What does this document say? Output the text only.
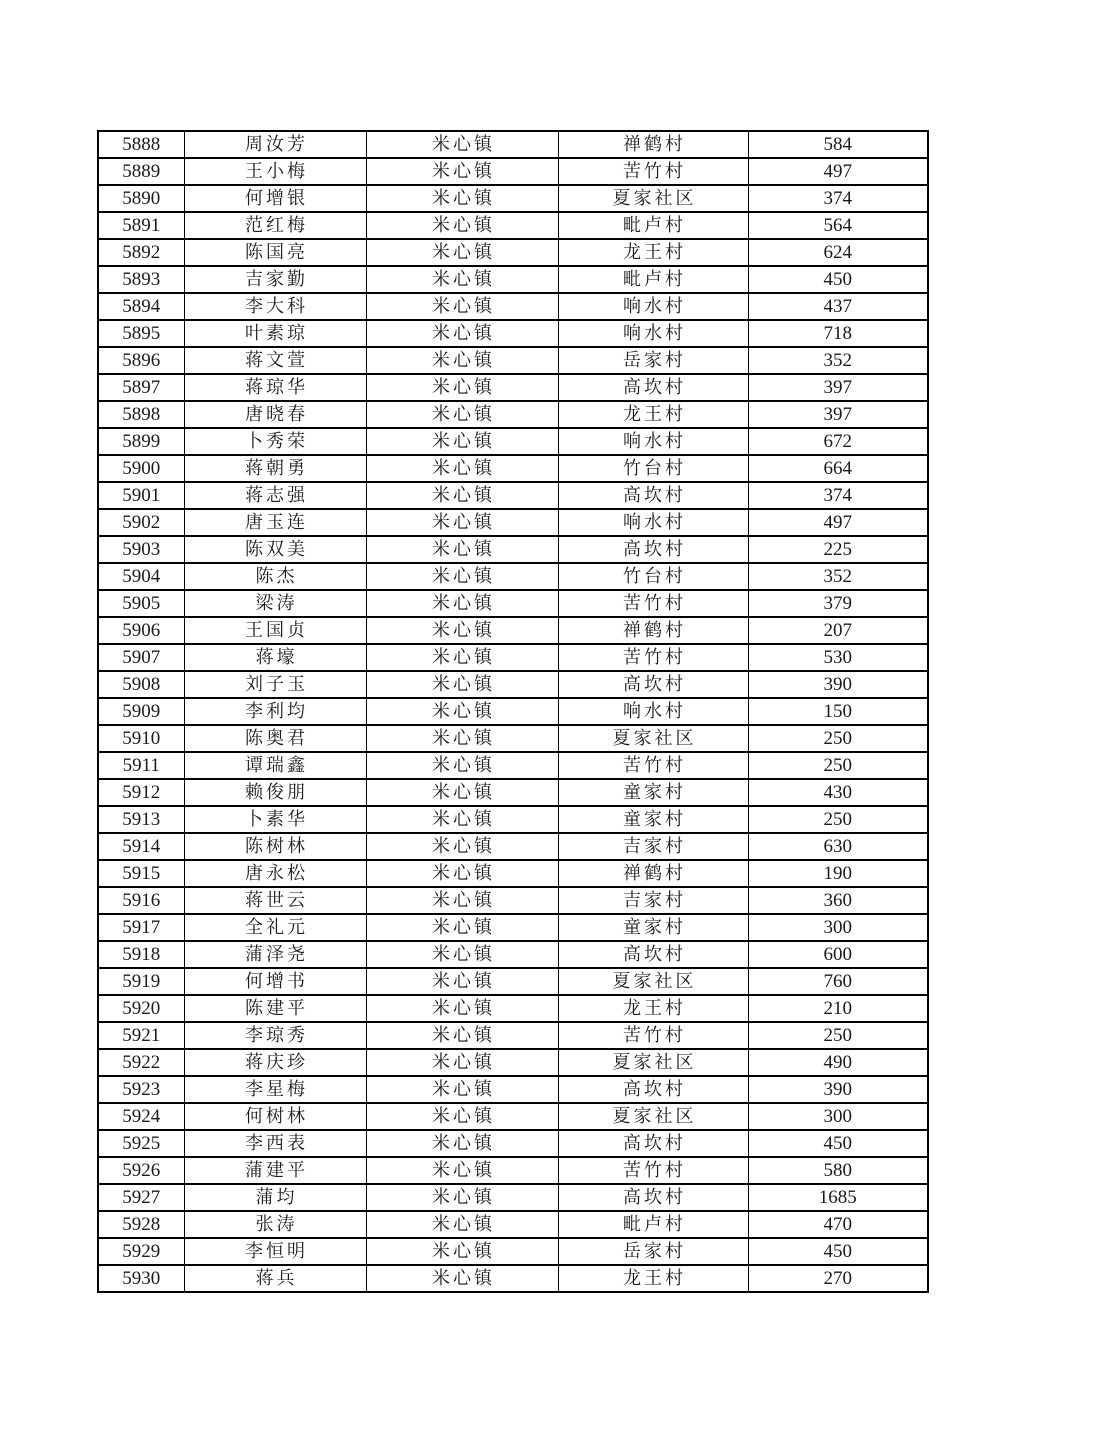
5888	周汝芳	米心镇	禅鹤村	584
5889	王小梅	米心镇	苦竹村	497
5890	何增银	米心镇	夏家社区	374
5891	范红梅	米心镇	毗卢村	564
5892	陈国亮	米心镇	龙王村	624
5893	吉家勤	米心镇	毗卢村	450
5894	李大科	米心镇	响水村	437
5895	叶素琼	米心镇	响水村	718
5896	蒋文萱	米心镇	岳家村	352
5897	蒋琼华	米心镇	高坎村	397
5898	唐晓春	米心镇	龙王村	397
5899	卜秀荣	米心镇	响水村	672
5900	蒋朝勇	米心镇	竹台村	664
5901	蒋志强	米心镇	高坎村	374
5902	唐玉连	米心镇	响水村	497
5903	陈双美	米心镇	高坎村	225
5904	陈杰	米心镇	竹台村	352
5905	梁涛	米心镇	苦竹村	379
5906	王国贞	米心镇	禅鹤村	207
5907	蒋壕	米心镇	苦竹村	530
5908	刘子玉	米心镇	高坎村	390
5909	李利均	米心镇	响水村	150
5910	陈奥君	米心镇	夏家社区	250
5911	谭瑞鑫	米心镇	苦竹村	250
5912	赖俊朋	米心镇	童家村	430
5913	卜素华	米心镇	童家村	250
5914	陈树林	米心镇	吉家村	630
5915	唐永松	米心镇	禅鹤村	190
5916	蒋世云	米心镇	吉家村	360
5917	全礼元	米心镇	童家村	300
5918	蒲泽尧	米心镇	高坎村	600
5919	何增书	米心镇	夏家社区	760
5920	陈建平	米心镇	龙王村	210
5921	李琼秀	米心镇	苦竹村	250
5922	蒋庆珍	米心镇	夏家社区	490
5923	李星梅	米心镇	高坎村	390
5924	何树林	米心镇	夏家社区	300
5925	李西表	米心镇	高坎村	450
5926	蒲建平	米心镇	苦竹村	580
5927	蒲均	米心镇	高坎村	1685
5928	张涛	米心镇	毗卢村	470
5929	李恒明	米心镇	岳家村	450
5930	蒋兵	米心镇	龙王村	270
